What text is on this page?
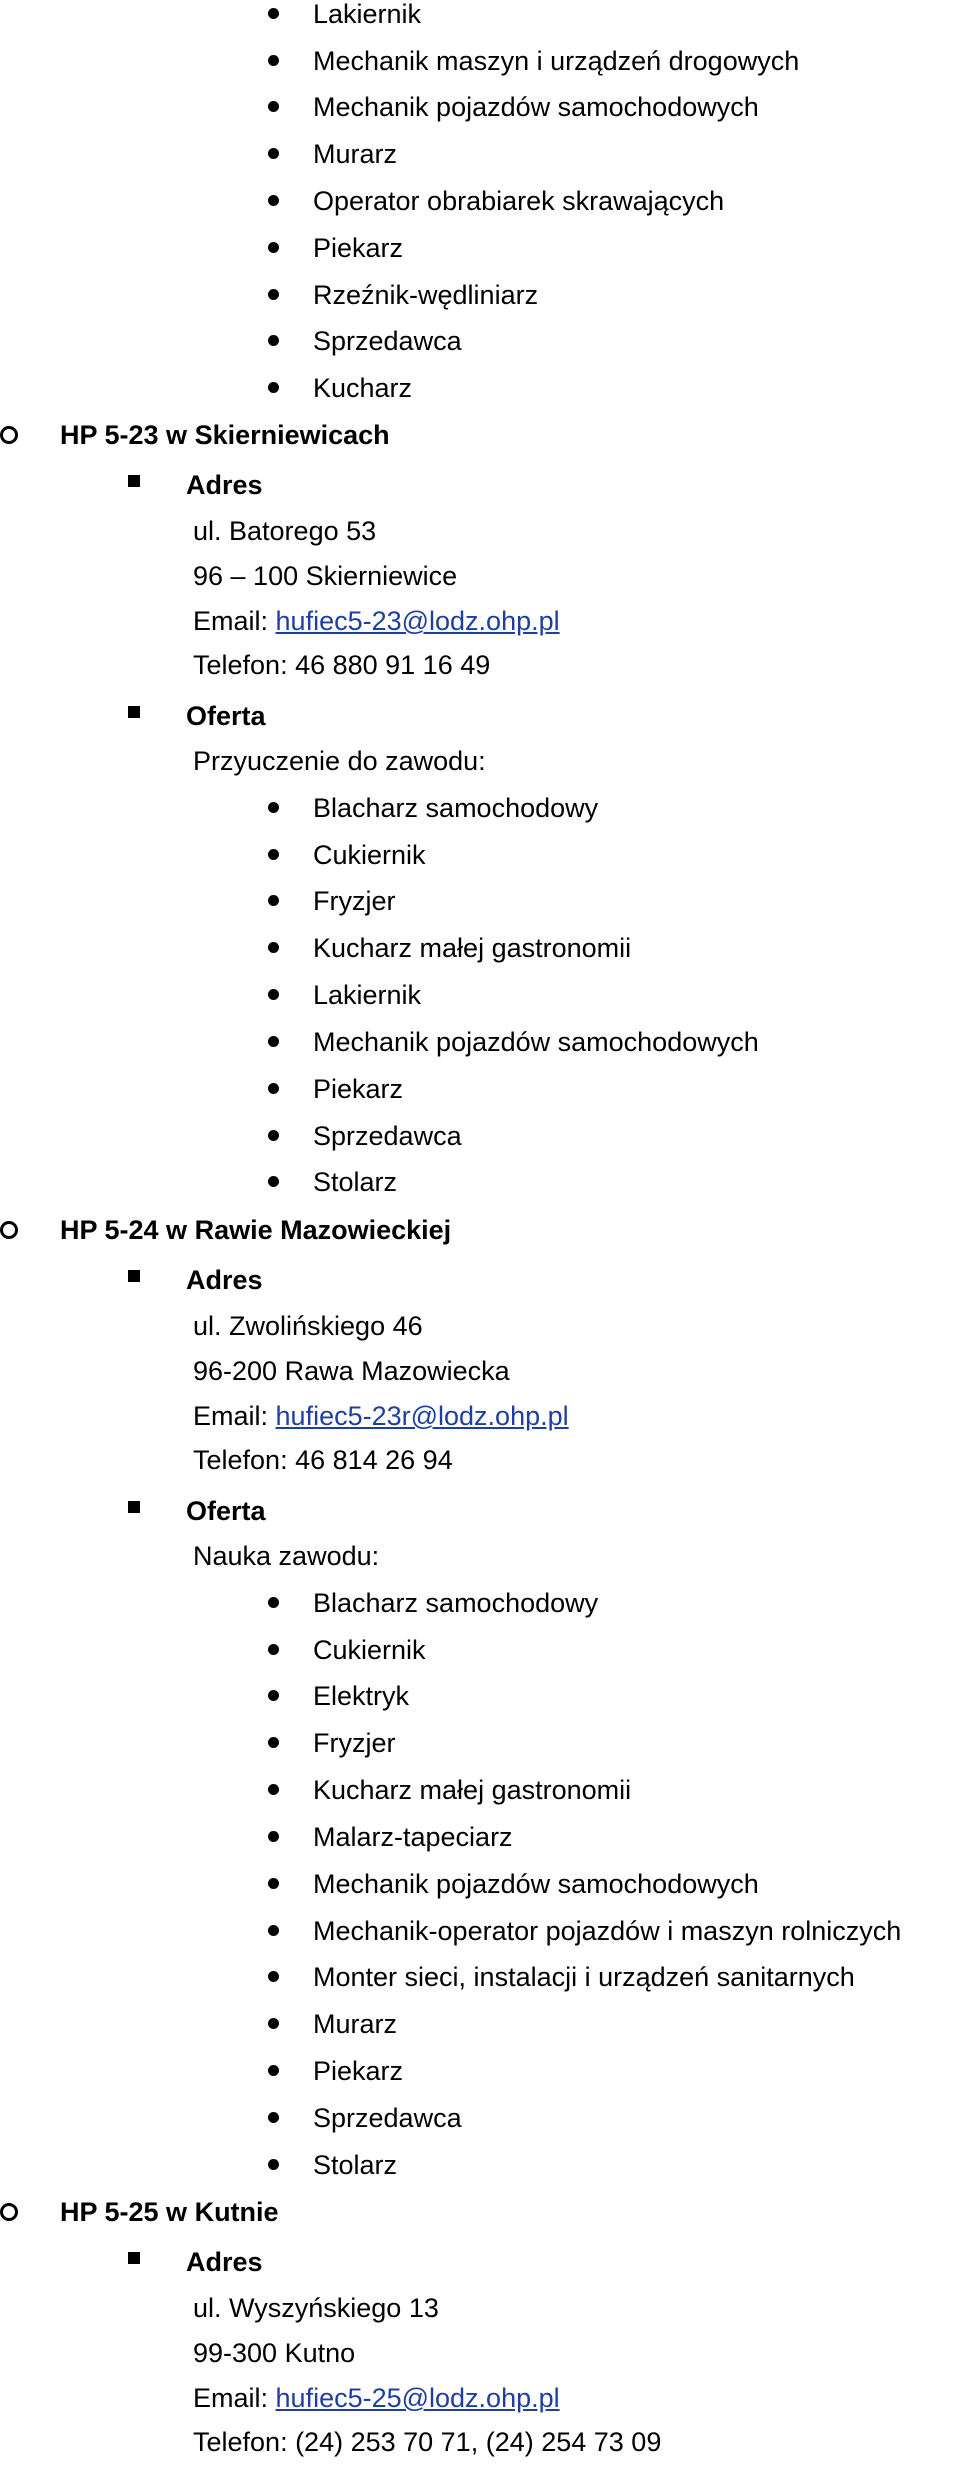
Lakiernik
Mechanik maszyn i urządzeń drogowych
Mechanik pojazdów samochodowych
Murarz
Operator obrabiarek skrawających
Piekarz
Rzeźnik-wędliniarz
Sprzedawca
Kucharz
HP 5-23 w Skierniewicach
Adres
ul. Batorego 53
96 – 100 Skierniewice
Email: hufiec5-23@lodz.ohp.pl
Telefon: 46 880 91 16 49
Oferta
Przyuczenie do zawodu:
Blacharz samochodowy
Cukiernik
Fryzjer
Kucharz małej gastronomii
Lakiernik
Mechanik pojazdów samochodowych
Piekarz
Sprzedawca
Stolarz
HP 5-24 w Rawie Mazowieckiej
Adres
ul. Zwolińskiego 46
96-200 Rawa Mazowiecka
Email: hufiec5-23r@lodz.ohp.pl
Telefon: 46 814 26 94
Oferta
Nauka zawodu:
Blacharz samochodowy
Cukiernik
Elektryk
Fryzjer
Kucharz małej gastronomii
Malarz-tapeciarz
Mechanik pojazdów samochodowych
Mechanik-operator pojazdów i maszyn rolniczych
Monter sieci, instalacji i urządzeń sanitarnych
Murarz
Piekarz
Sprzedawca
Stolarz
HP 5-25 w Kutnie
Adres
ul. Wyszyńskiego 13
99-300 Kutno
Email: hufiec5-25@lodz.ohp.pl
Telefon: (24) 253 70 71, (24) 254 73 09
